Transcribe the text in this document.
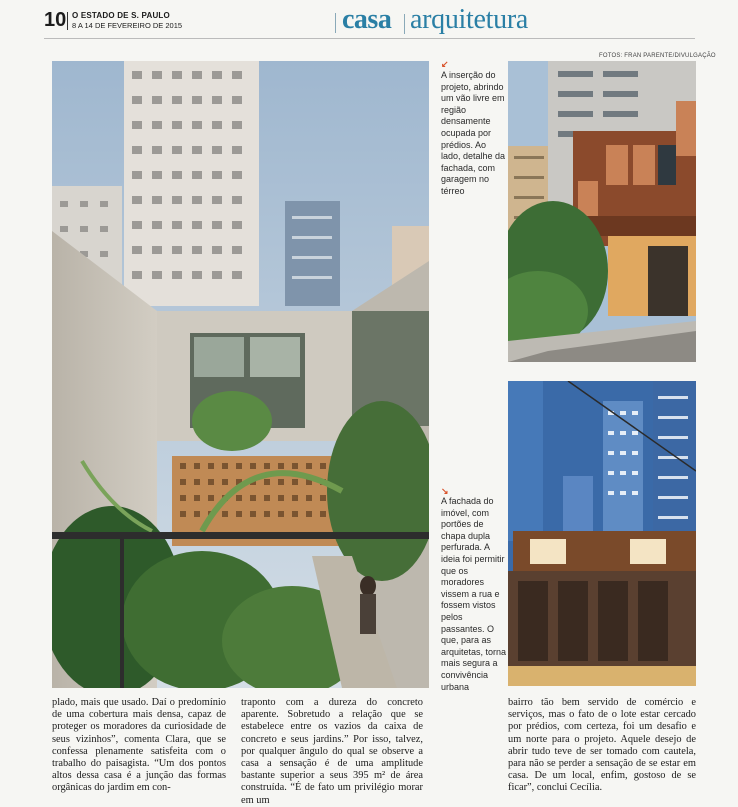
10 O ESTADO DE S. PAULO
8 A 14 DE FEVEREIRO DE 2015	casa arquitetura
FOTOS: FRAN PARENTE/DIVULGAÇÃO
↙
A inserção do projeto, abrindo um vão livre em região densamente ocupada por prédios. Ao lado, detalhe da fachada, com garagem no térreo
↘
A fachada do imóvel, com portões de chapa dupla perfurada. A ideia foi permitir que os moradores vissem a rua e fossem vistos pelos passantes. O que, para as arquitetas, torna mais segura a convivência urbana

plado, mais que usado. Daí o predomínio de uma cobertura mais densa, capaz de proteger os moradores da curiosidade de seus vizinhos”, comenta Clara, que se confessa plenamente satisfeita com o trabalho do paisagista. “Um dos pontos altos dessa casa é a junção das formas orgânicas do jardim em con-

traponto com a dureza do concreto aparente. Sobretudo a relação que se estabelece entre os vazios da caixa de concreto e seus jardins.” Por isso, talvez, por qualquer ângulo do qual se observe a casa a sensação é de uma amplitude bastante superior a seus 395 m² de área construída. “É de fato um privilégio morar em um

bairro tão bem servido de comércio e serviços, mas o fato de o lote estar cercado por prédios, com certeza, foi um desafio e um norte para o projeto. Aquele desejo de abrir tudo teve de ser tomado com cautela, para não se perder a sensação de se estar em casa. De um local, enfim, gostoso de se ficar”, conclui Cecília.
